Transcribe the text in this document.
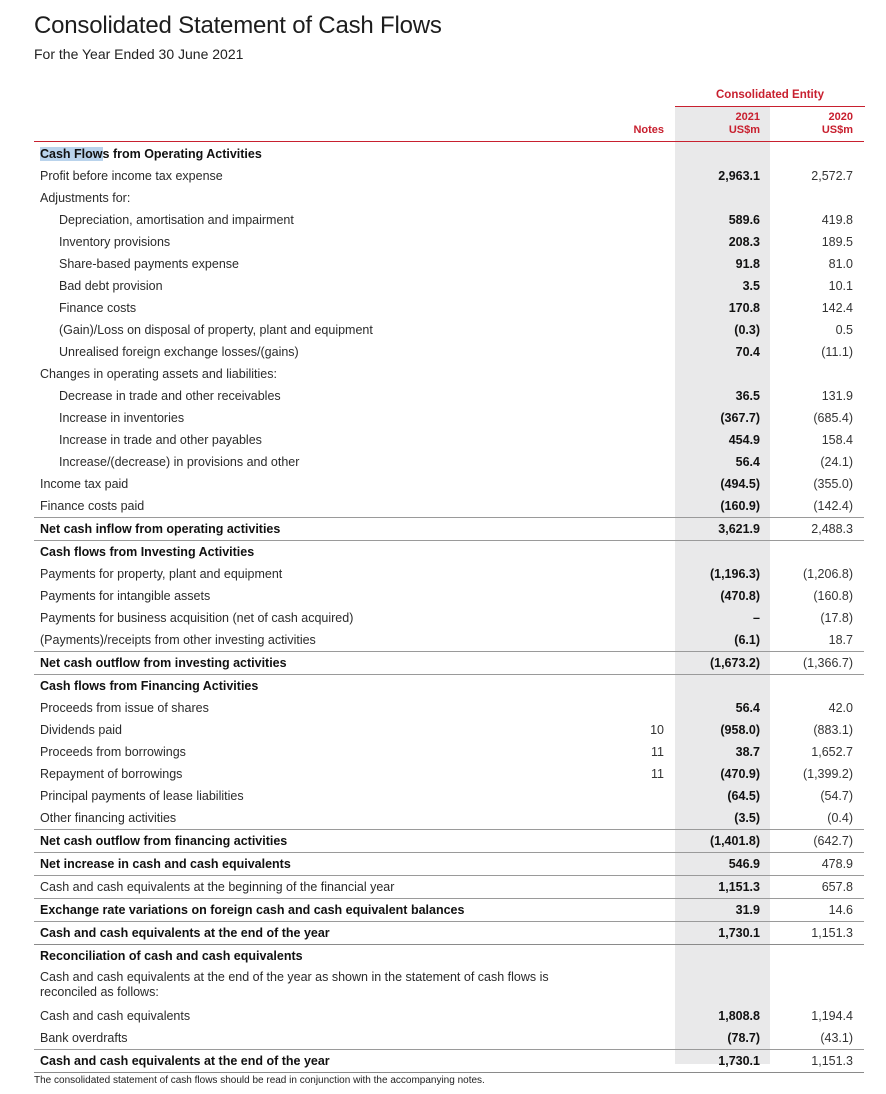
Consolidated Statement of Cash Flows
For the Year Ended 30 June 2021
Consolidated Entity
2021	2020
US$m	US$m
Notes
Cash Flows from Operating Activities
Profit before income tax expense	2,963.1	2,572.7
Adjustments for:
Depreciation, amortisation and impairment	589.6	419.8
Inventory provisions	208.3	189.5
Share-based payments expense	91.8	81.0
Bad debt provision	3.5	10.1
Finance costs	170.8	142.4
(Gain)/Loss on disposal of property, plant and equipment	(0.3)	0.5
Unrealised foreign exchange losses/(gains)	70.4	(11.1)
Changes in operating assets and liabilities:
Decrease in trade and other receivables	36.5	131.9
Increase in inventories	(367.7)	(685.4)
Increase in trade and other payables	454.9	158.4
Increase/(decrease) in provisions and other	56.4	(24.1)
Income tax paid	(494.5)	(355.0)
Finance costs paid	(160.9)	(142.4)
Net cash inflow from operating activities	3,621.9	2,488.3
Cash flows from Investing Activities
Payments for property, plant and equipment	(1,196.3)	(1,206.8)
Payments for intangible assets	(470.8)	(160.8)
Payments for business acquisition (net of cash acquired)	–	(17.8)
(Payments)/receipts from other investing activities	(6.1)	18.7
Net cash outflow from investing activities	(1,673.2)	(1,366.7)
Cash flows from Financing Activities
Proceeds from issue of shares	56.4	42.0
Dividends paid	10	(958.0)	(883.1)
Proceeds from borrowings	11	38.7	1,652.7
Repayment of borrowings	11	(470.9)	(1,399.2)
Principal payments of lease liabilities	(64.5)	(54.7)
Other financing activities	(3.5)	(0.4)
Net cash outflow from financing activities	(1,401.8)	(642.7)
Net increase in cash and cash equivalents	546.9	478.9
Cash and cash equivalents at the beginning of the financial year	1,151.3	657.8
Exchange rate variations on foreign cash and cash equivalent balances	31.9	14.6
Cash and cash equivalents at the end of the year	1,730.1	1,151.3
Reconciliation of cash and cash equivalents
Cash and cash equivalents at the end of the year as shown in the statement of cash flows is reconciled as follows:
Cash and cash equivalents	1,808.8	1,194.4
Bank overdrafts	(78.7)	(43.1)
Cash and cash equivalents at the end of the year	1,730.1	1,151.3
The consolidated statement of cash flows should be read in conjunction with the accompanying notes.
